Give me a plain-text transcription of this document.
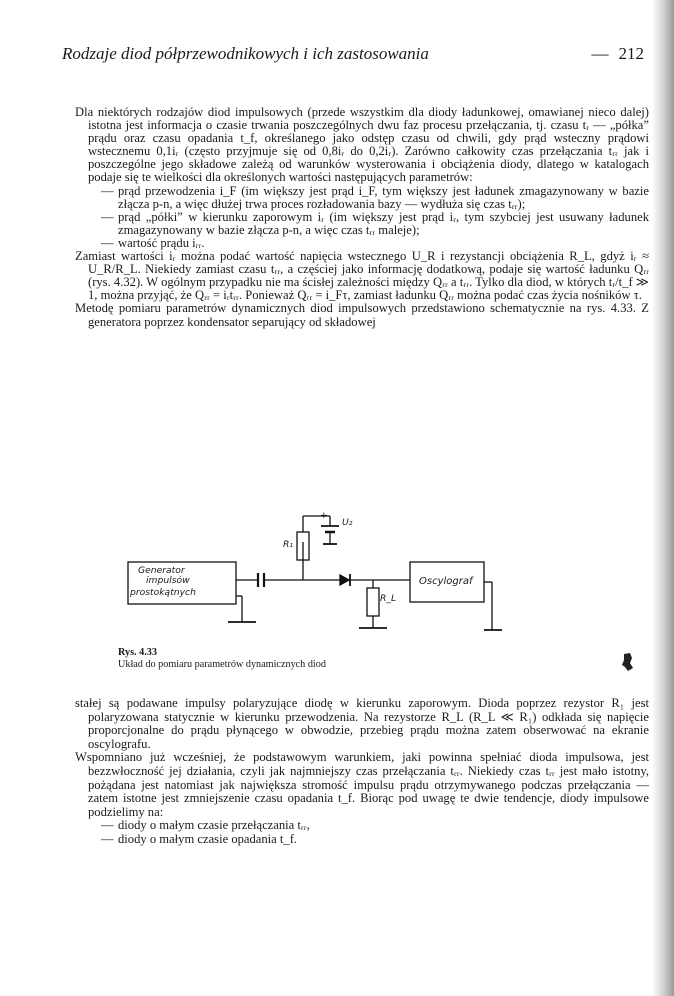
Rodzaje diod półprzewodnikowych i ich zastosowania	— 212

Dla niektórych rodzajów diod impulsowych (przede wszystkim dla diody ładunkowej, omawianej nieco dalej) istotna jest informacja o czasie trwania poszczególnych dwu faz procesu przełączania, tj. czasu tᵣ — „półka” prądu oraz czasu opadania t_f, określanego jako odstęp czasu od chwili, gdy prąd wsteczny prądowi wstecznemu 0,1iᵣ (często przyjmuje się od 0,8iᵣ do 0,2iᵣ). Zarówno całkowity czas przełączania tᵣᵣ jak i poszczególne jego składowe zależą od warunków wysterowania i obciążenia diody, dlatego w katalogach podaje się te wielkości dla określonych wartości następujących parametrów:

— prąd przewodzenia i_F (im większy jest prąd i_F, tym większy jest ładunek zmagazynowany w bazie złącza p-n, a więc dłużej trwa proces rozładowania bazy — wydłuża się czas tᵣᵣ);

— prąd „półki” w kierunku zaporowym iᵣ (im większy jest prąd iᵣ, tym szybciej jest usuwany ładunek zmagazynowany w bazie złącza p-n, a więc czas tᵣᵣ maleje);

— wartość prądu iᵣᵣ.

Zamiast wartości iᵣ można podać wartość napięcia wstecznego U_R i rezystancji obciążenia R_L, gdyż iᵣ ≈ U_R/R_L. Niekiedy zamiast czasu tᵣᵣ, a częściej jako informację dodatkową, podaje się wartość ładunku Qᵣᵣ (rys. 4.32). W ogólnym przypadku nie ma ścisłej zależności między Qᵣᵣ a tᵣᵣ. Tylko dla diod, w których tᵣ/t_f ≫ 1, można przyjąć, że Qᵣᵣ = iᵣtᵣᵣ. Ponieważ Qᵣᵣ = i_Fτ, zamiast ładunku Qᵣᵣ można podać czas życia nośników τ.

Metodę pomiaru parametrów dynamicznych diod impulsowych przedstawiono schematycznie na rys. 4.33. Z generatora poprzez kondensator separujący od składowej

Generator
impulsów
prostokątnych
Oscylograf
R₁
R_L
U₂
+
Rys. 4.33
Układ do pomiaru parametrów dynamicznych diod

stałej są podawane impulsy polaryzujące diodę w kierunku zaporowym. Dioda poprzez rezystor R₁ jest polaryzowana statycznie w kierunku przewodzenia. Na rezystorze R_L (R_L ≪ R₁) odkłada się napięcie proporcjonalne do prądu płynącego w obwodzie, przebieg prądu można zatem obserwować na ekranie oscylografu.

Wspomniano już wcześniej, że podstawowym warunkiem, jaki powinna spełniać dioda impulsowa, jest bezzwłoczność jej działania, czyli jak najmniejszy czas przełączania tᵣᵣ. Niekiedy czas tᵣᵣ jest mało istotny, pożądana jest natomiast jak największa stromość impulsu prądu otrzymywanego podczas przełączania — zatem istotne jest zmniejszenie czasu opadania t_f. Biorąc pod uwagę te dwie tendencje, diody impulsowe podzielimy na:

— diody o małym czasie przełączania tᵣᵣ,

— diody o małym czasie opadania t_f.
